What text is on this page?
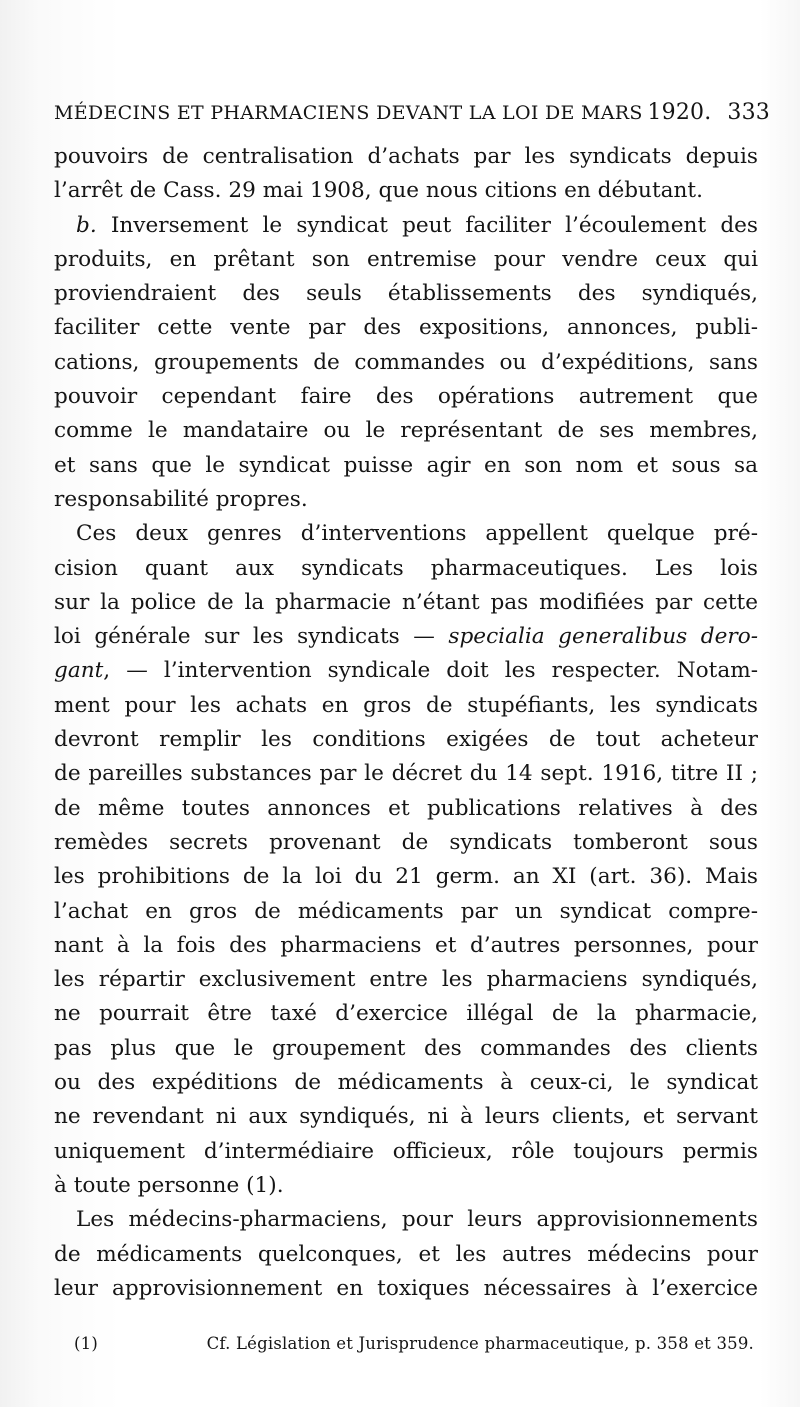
MÉDECINS ET PHARMACIENS DEVANT LA LOI DE MARS 1920. 333
pouvoirs de centralisation d’achats par les syndicats depuis
l’arrêt de Cass. 29 mai 1908, que nous citions en débutant.
b. Inversement le syndicat peut faciliter l’écoulement des
produits, en prêtant son entremise pour vendre ceux qui
proviendraient des seuls établissements des syndiqués,
faciliter cette vente par des expositions, annonces, publi-
cations, groupements de commandes ou d’expéditions, sans
pouvoir cependant faire des opérations autrement que
comme le mandataire ou le représentant de ses membres,
et sans que le syndicat puisse agir en son nom et sous sa
responsabilité propres.
Ces deux genres d’interventions appellent quelque pré-
cision quant aux syndicats pharmaceutiques. Les lois
sur la police de la pharmacie n’étant pas modifiées par cette
loi générale sur les syndicats — specialia generalibus dero-
gant, — l’intervention syndicale doit les respecter. Notam-
ment pour les achats en gros de stupéfiants, les syndicats
devront remplir les conditions exigées de tout acheteur
de pareilles substances par le décret du 14 sept. 1916, titre II ;
de même toutes annonces et publications relatives à des
remèdes secrets provenant de syndicats tomberont sous
les prohibitions de la loi du 21 germ. an XI (art. 36). Mais
l’achat en gros de médicaments par un syndicat compre-
nant à la fois des pharmaciens et d’autres personnes, pour
les répartir exclusivement entre les pharmaciens syndiqués,
ne pourrait être taxé d’exercice illégal de la pharmacie,
pas plus que le groupement des commandes des clients
ou des expéditions de médicaments à ceux-ci, le syndicat
ne revendant ni aux syndiqués, ni à leurs clients, et servant
uniquement d’intermédiaire officieux, rôle toujours permis
à toute personne (1).
Les médecins-pharmaciens, pour leurs approvisionnements
de médicaments quelconques, et les autres médecins pour
leur approvisionnement en toxiques nécessaires à l’exercice
(1)	Cf. Législation et Jurisprudence pharmaceutique, p. 358 et 359.
